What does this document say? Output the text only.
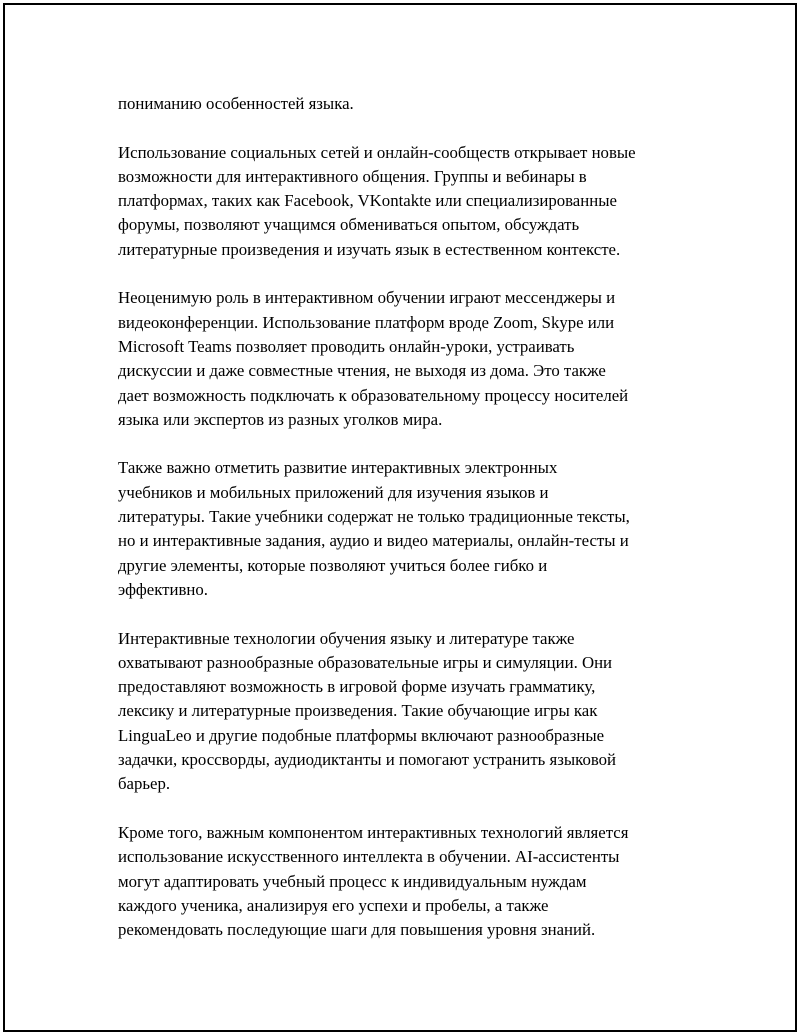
пониманию особенностей языка.

Использование социальных сетей и онлайн-сообществ открывает новые
возможности для интерактивного общения. Группы и вебинары в
платформах, таких как Facebook, VKontakte или специализированные
форумы, позволяют учащимся обмениваться опытом, обсуждать
литературные произведения и изучать язык в естественном контексте.

Неоценимую роль в интерактивном обучении играют мессенджеры и
видеоконференции. Использование платформ вроде Zoom, Skype или
Microsoft Teams позволяет проводить онлайн-уроки, устраивать
дискуссии и даже совместные чтения, не выходя из дома. Это также
дает возможность подключать к образовательному процессу носителей
языка или экспертов из разных уголков мира.

Также важно отметить развитие интерактивных электронных
учебников и мобильных приложений для изучения языков и
литературы. Такие учебники содержат не только традиционные тексты,
но и интерактивные задания, аудио и видео материалы, онлайн-тесты и
другие элементы, которые позволяют учиться более гибко и
эффективно.

Интерактивные технологии обучения языку и литературе также
охватывают разнообразные образовательные игры и симуляции. Они
предоставляют возможность в игровой форме изучать грамматику,
лексику и литературные произведения. Такие обучающие игры как
LinguaLeo и другие подобные платформы включают разнообразные
задачки, кроссворды, аудиодиктанты и помогают устранить языковой
барьер.

Кроме того, важным компонентом интерактивных технологий является
использование искусственного интеллекта в обучении. AI-ассистенты
могут адаптировать учебный процесс к индивидуальным нуждам
каждого ученика, анализируя его успехи и пробелы, а также
рекомендовать последующие шаги для повышения уровня знаний.
